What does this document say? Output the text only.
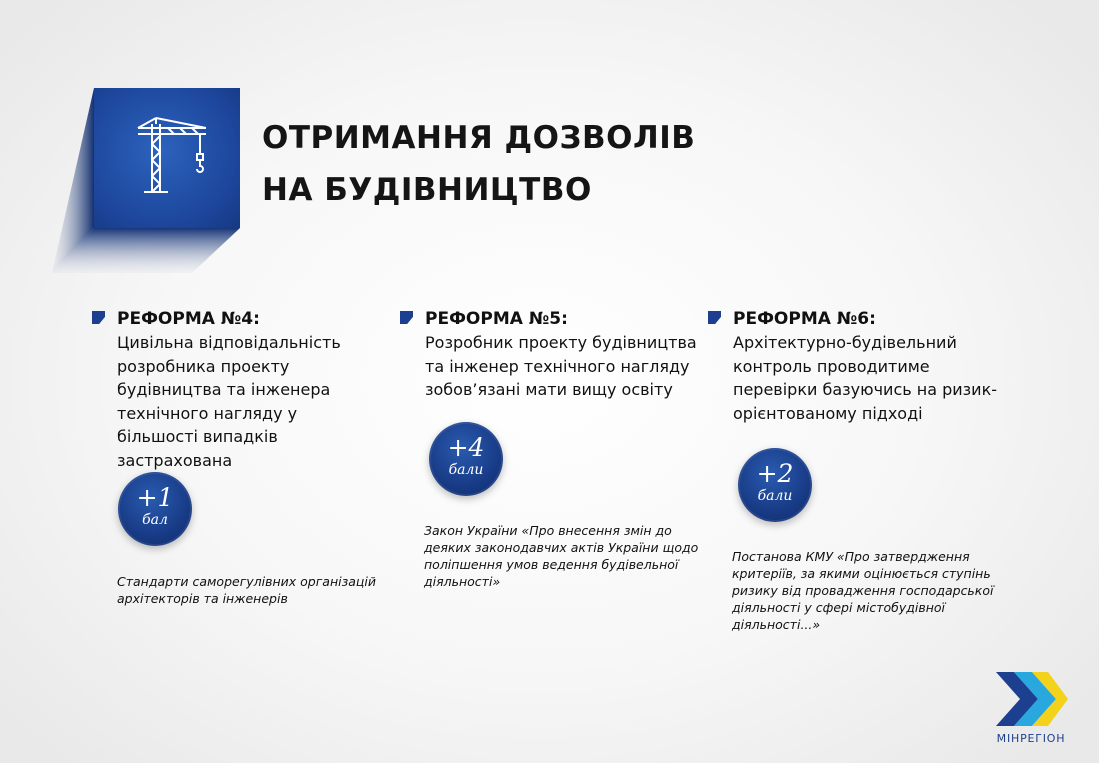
ОТРИМАННЯ ДОЗВОЛІВ
НА БУДІВНИЦТВО
РЕФОРМА №4:
Цивільна відповідальність розробника проекту будівництва та інженера технічного нагляду у більшості випадків застрахована
+1
бал

Стандарти саморегулівних організацій архітекторів та інженерів

РЕФОРМА №5:
Розробник проекту будівництва та інженер технічного нагляду зобов’язані мати вищу освіту
+4
бали

Закон України «Про внесення змін до деяких законодавчих актів України щодо поліпшення умов ведення будівельної діяльності»

РЕФОРМА №6:
Архітектурно-будівельний контроль проводитиме перевірки базуючись на ризик-орієнтованому підході
+2
бали

Постанова КМУ «Про затвердження критеріїв, за якими оцінюється ступінь ризику від провадження господарської діяльності у сфері містобудівної діяльності...»

МІНРЕГІОН
